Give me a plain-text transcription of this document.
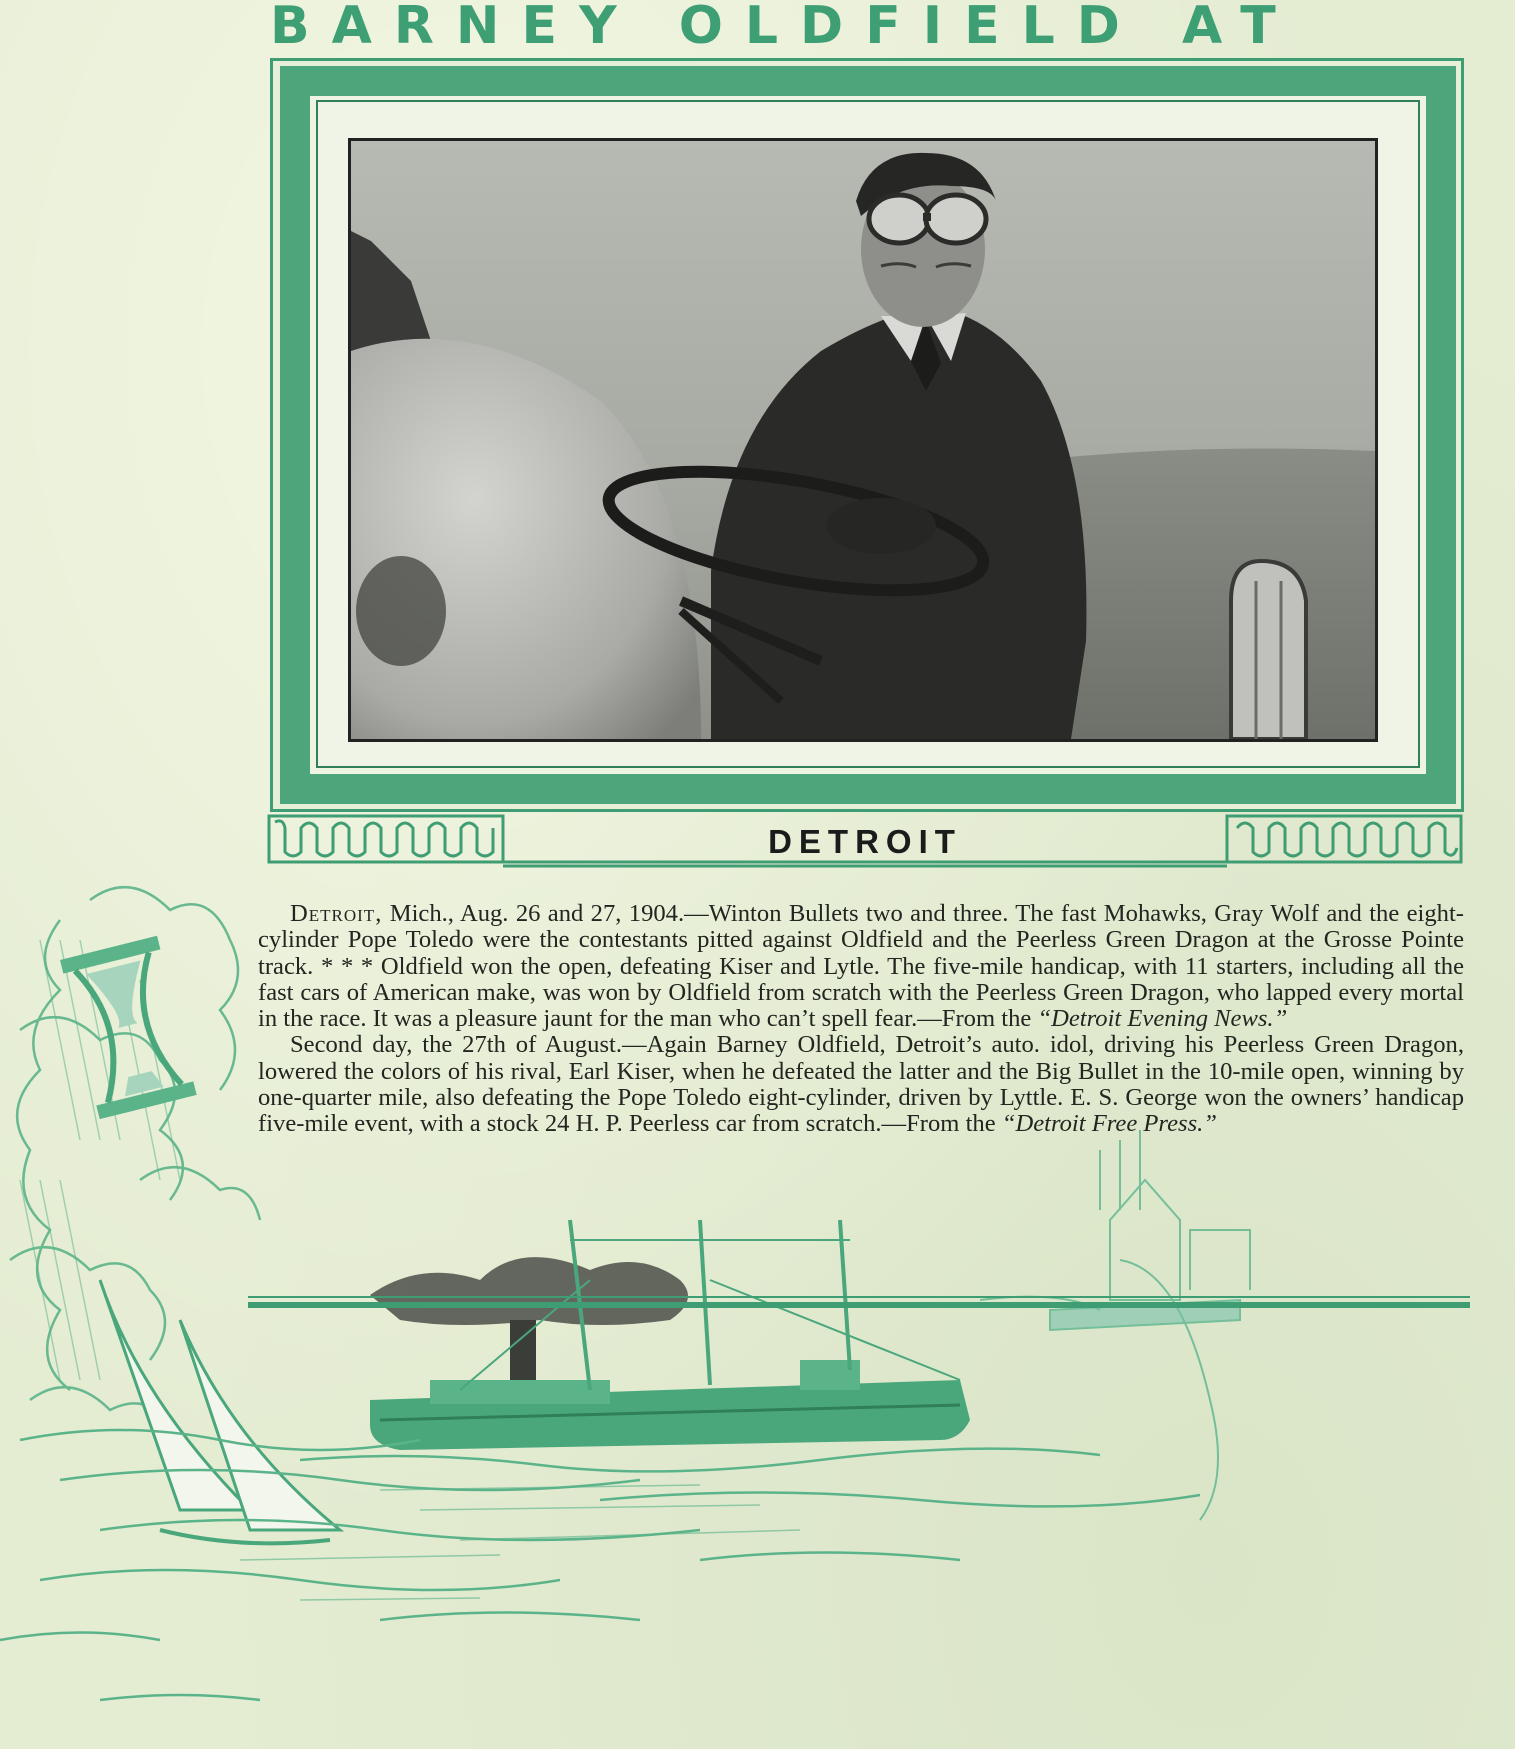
BARNEY OLDFIELD AT
DETROIT

Detroit, Mich., Aug. 26 and 27, 1904.—Winton Bullets two and three. The fast Mohawks, Gray Wolf and the eight-cylinder Pope Toledo were the contestants pitted against Oldfield and the Peerless Green Dragon at the Grosse Pointe track. * * * Oldfield won the open, defeating Kiser and Lytle. The five-mile handicap, with 11 starters, including all the fast cars of American make, was won by Oldfield from scratch with the Peerless Green Dragon, who lapped every mortal in the race. It was a pleasure jaunt for the man who can’t spell fear.—From the “Detroit Evening News.”

Second day, the 27th of August.—Again Barney Oldfield, Detroit’s auto. idol, driving his Peerless Green Dragon, lowered the colors of his rival, Earl Kiser, when he defeated the latter and the Big Bullet in the 10-mile open, winning by one-quarter mile, also defeating the Pope Toledo eight-cylinder, driven by Lyttle. E. S. George won the owners’ handicap five-mile event, with a stock 24 H. P. Peerless car from scratch.—From the “Detroit Free Press.”
